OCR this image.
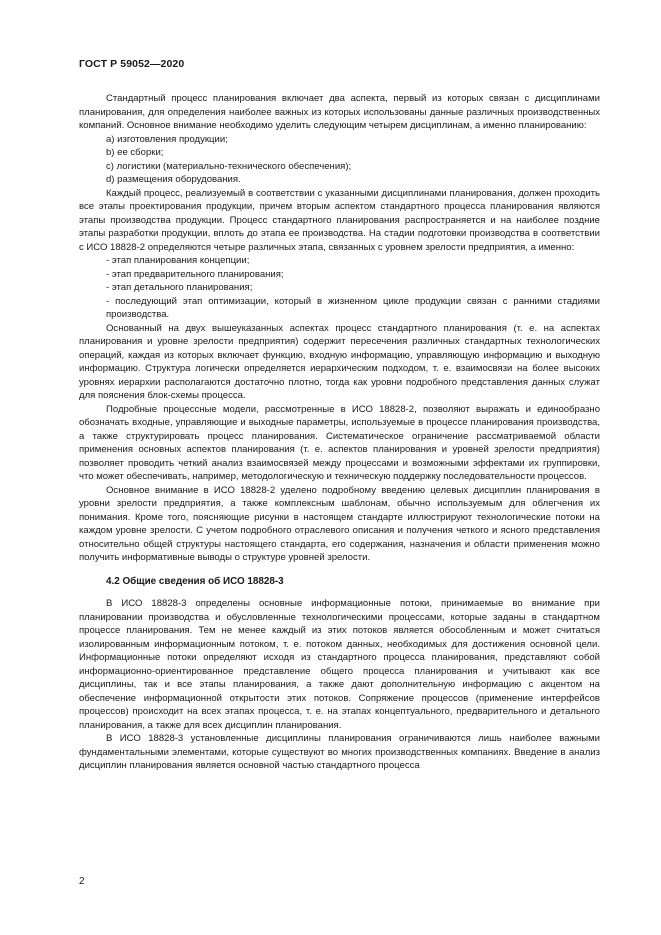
ГОСТ Р 59052—2020

Стандартный процесс планирования включает два аспекта, первый из которых связан с дисциплинами планирования, для определения наиболее важных из которых использованы данные различных производственных компаний. Основное внимание необходимо уделить следующим четырем дисциплинам, а именно планированию:

а) изготовления продукции;

b) ее сборки;

c) логистики (материально-технического обеспечения);

d) размещения оборудования.

Каждый процесс, реализуемый в соответствии с указанными дисциплинами планирования, должен проходить все этапы проектирования продукции, причем вторым аспектом стандартного процесса планирования являются этапы производства продукции. Процесс стандартного планирования распространяется и на наиболее поздние этапы разработки продукции, вплоть до этапа ее производства. На стадии подготовки производства в соответствии с ИСО 18828-2 определяются четыре различных этапа, связанных с уровнем зрелости предприятия, а именно:

- этап планирования концепции;

- этап предварительного планирования;

- этап детального планирования;

- последующий этап оптимизации, который в жизненном цикле продукции связан с ранними стадиями производства.

Основанный на двух вышеуказанных аспектах процесс стандартного планирования (т. е. на аспектах планирования и уровне зрелости предприятия) содержит пересечения различных стандартных технологических операций, каждая из которых включает функцию, входную информацию, управляющую информацию и выходную информацию. Структура логически определяется иерархическим подходом, т. е. взаимосвязи на более высоких уровнях иерархии располагаются достаточно плотно, тогда как уровни подробного представления данных служат для пояснения блок-схемы процесса.

Подробные процессные модели, рассмотренные в ИСО 18828-2, позволяют выражать и единообразно обозначать входные, управляющие и выходные параметры, используемые в процессе планирования производства, а также структурировать процесс планирования. Систематическое ограничение рассматриваемой области применения основных аспектов планирования (т. е. аспектов планирования и уровней зрелости предприятия) позволяет проводить четкий анализ взаимосвязей между процессами и возможными эффектами их группировки, что может обеспечивать, например, методологическую и техническую поддержку последовательности процессов.

Основное внимание в ИСО 18828-2 уделено подробному введению целевых дисциплин планирования в уровни зрелости предприятия, а также комплексным шаблонам, обычно используемым для облегчения их понимания. Кроме того, поясняющие рисунки в настоящем стандарте иллюстрируют технологические потоки на каждом уровне зрелости. С учетом подробного отраслевого описания и получения четкого и ясного представления относительно общей структуры настоящего стандарта, его содержания, назначения и области применения можно получить информативные выводы о структуре уровней зрелости.

4.2 Общие сведения об ИСО 18828-3

В ИСО 18828-3 определены основные информационные потоки, принимаемые во внимание при планировании производства и обусловленные технологическими процессами, которые заданы в стандартном процессе планирования. Тем не менее каждый из этих потоков является обособленным и может считаться изолированным информационным потоком, т. е. потоком данных, необходимых для достижения основной цели. Информационные потоки определяют исходя из стандартного процесса планирования, представляют собой информационно-ориентированное представление общего процесса планирования и учитывают как все дисциплины, так и все этапы планирования, а также дают дополнительную информацию с акцентом на обеспечение информационной открытости этих потоков. Сопряжение процессов (применение интерфейсов процессов) происходит на всех этапах процесса, т. е. на этапах концептуального, предварительного и детального планирования, а также для всех дисциплин планирования.

В ИСО 18828-3 установленные дисциплины планирования ограничиваются лишь наиболее важными фундаментальными элементами, которые существуют во многих производственных компаниях. Введение в анализ дисциплин планирования является основной частью стандартного процесса

2
